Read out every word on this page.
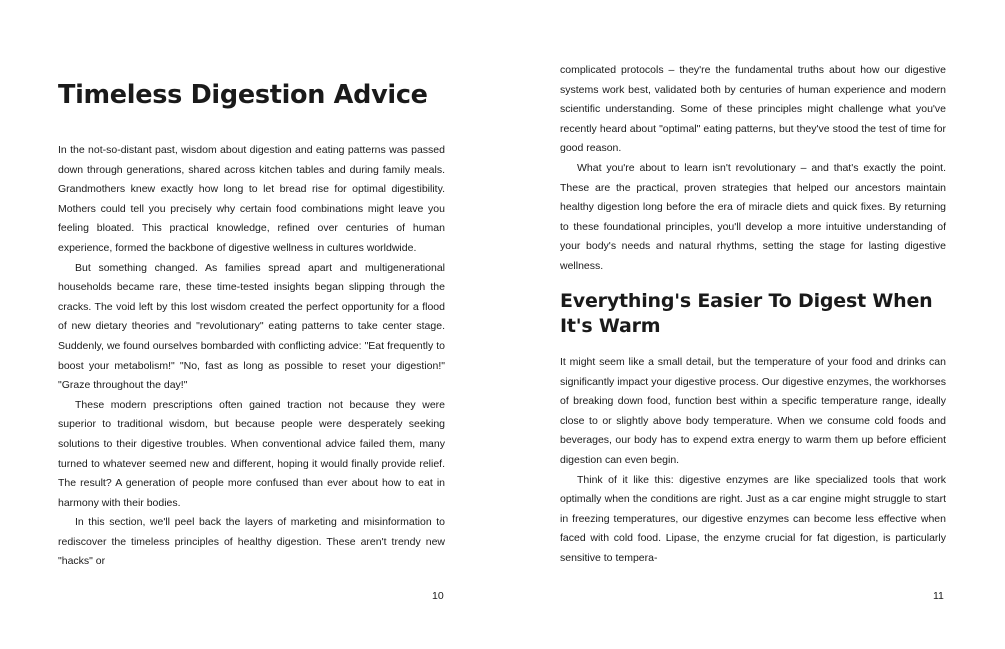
Timeless Digestion Advice

In the not-so-distant past, wisdom about digestion and eating patterns was passed down through generations, shared across kitchen tables and during family meals. Grandmothers knew exactly how long to let bread rise for optimal digestibility. Mothers could tell you precisely why certain food combinations might leave you feeling bloated. This practical knowledge, refined over centuries of human experience, formed the backbone of digestive wellness in cultures worldwide.

But something changed. As families spread apart and multigenerational households became rare, these time-tested insights began slipping through the cracks. The void left by this lost wisdom created the perfect opportunity for a flood of new dietary theories and "revolutionary" eating patterns to take center stage. Suddenly, we found ourselves bombarded with conflicting advice: "Eat frequently to boost your metabolism!" "No, fast as long as possible to reset your digestion!" "Graze throughout the day!"

These modern prescriptions often gained traction not because they were superior to traditional wisdom, but because people were desperately seeking solutions to their digestive troubles. When conventional advice failed them, many turned to whatever seemed new and different, hoping it would finally provide relief. The result? A generation of people more confused than ever about how to eat in harmony with their bodies.

In this section, we'll peel back the layers of marketing and misinformation to rediscover the timeless principles of healthy digestion. These aren't trendy new "hacks" or

10

complicated protocols – they're the fundamental truths about how our digestive systems work best, validated both by centuries of human experience and modern scientific understanding. Some of these principles might challenge what you've recently heard about "optimal" eating patterns, but they've stood the test of time for good reason.

What you're about to learn isn't revolutionary – and that's exactly the point. These are the practical, proven strategies that helped our ancestors maintain healthy digestion long before the era of miracle diets and quick fixes. By returning to these foundational principles, you'll develop a more intuitive understanding of your body's needs and natural rhythms, setting the stage for lasting digestive wellness.

Everything's Easier To Digest When It's Warm

It might seem like a small detail, but the temperature of your food and drinks can significantly impact your digestive process. Our digestive enzymes, the workhorses of breaking down food, function best within a specific temperature range, ideally close to or slightly above body temperature. When we consume cold foods and beverages, our body has to expend extra energy to warm them up before efficient digestion can even begin.

Think of it like this: digestive enzymes are like specialized tools that work optimally when the conditions are right. Just as a car engine might struggle to start in freezing temperatures, our digestive enzymes can become less effective when faced with cold food. Lipase, the enzyme crucial for fat digestion, is particularly sensitive to tempera-

11
